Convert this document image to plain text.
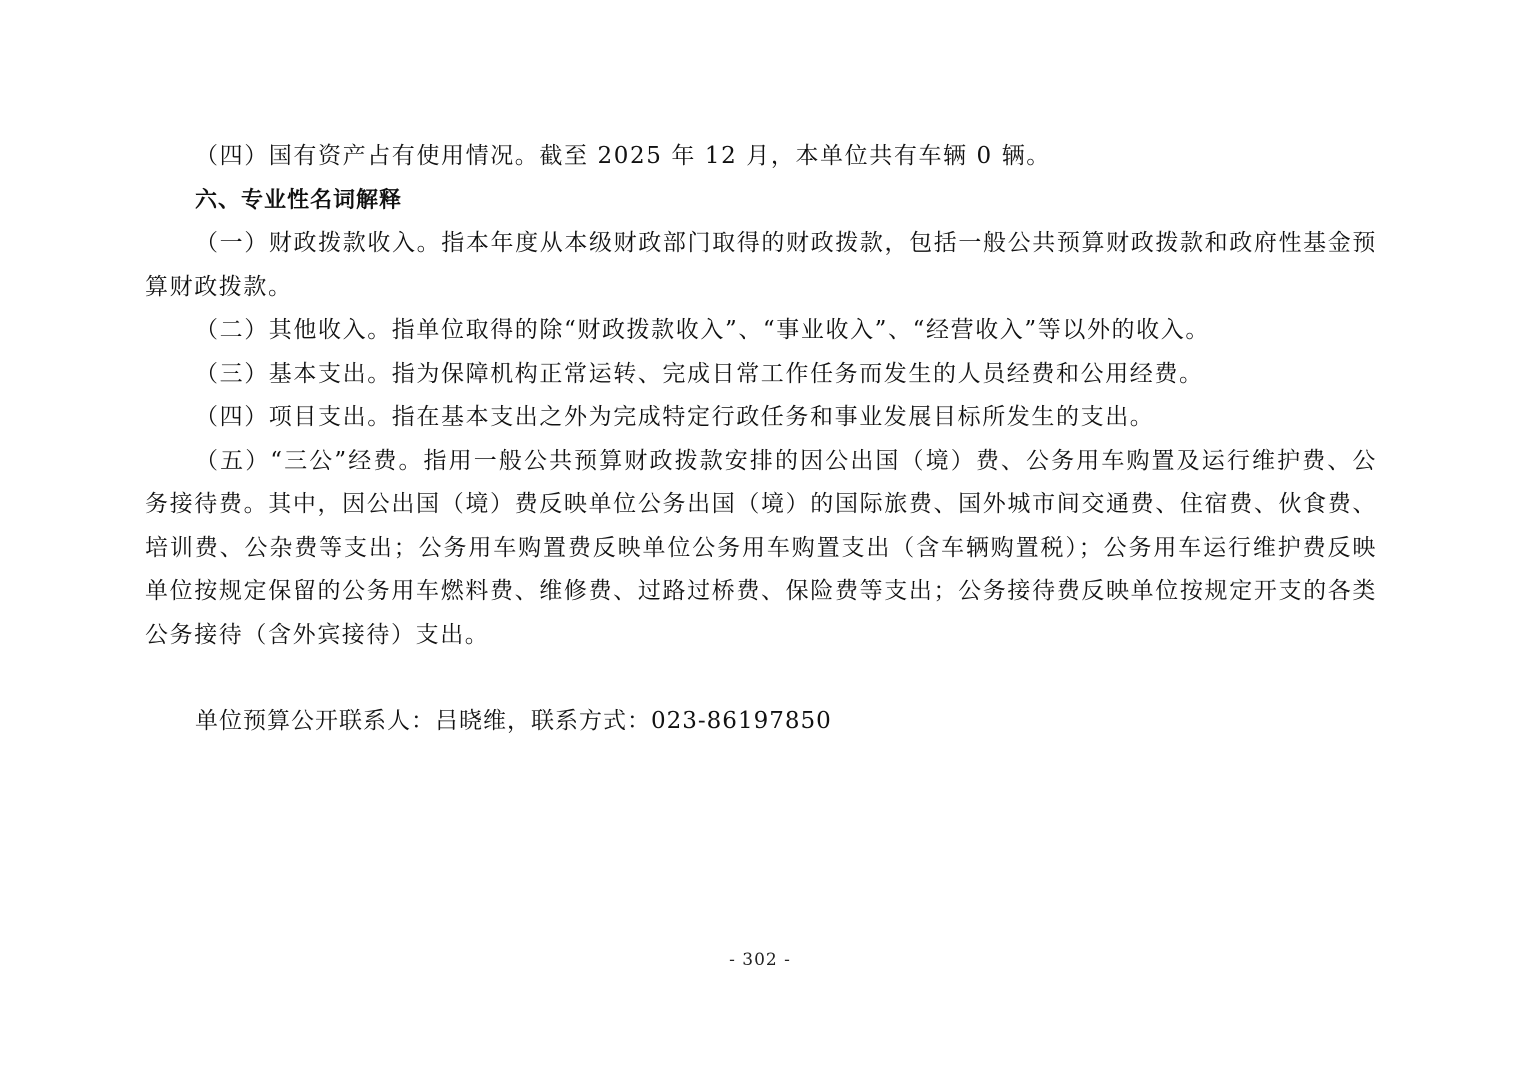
（四）国有资产占有使用情况。截至 2025 年 12 月，本单位共有车辆 0 辆。

六、专业性名词解释

（一）财政拨款收入。指本年度从本级财政部门取得的财政拨款，包括一般公共预算财政拨款和政府性基金预算财政拨款。

（二）其他收入。指单位取得的除“财政拨款收入”、“事业收入”、“经营收入”等以外的收入。

（三）基本支出。指为保障机构正常运转、完成日常工作任务而发生的人员经费和公用经费。

（四）项目支出。指在基本支出之外为完成特定行政任务和事业发展目标所发生的支出。

（五）“三公”经费。指用一般公共预算财政拨款安排的因公出国（境）费、公务用车购置及运行维护费、公务接待费。其中，因公出国（境）费反映单位公务出国（境）的国际旅费、国外城市间交通费、住宿费、伙食费、培训费、公杂费等支出；公务用车购置费反映单位公务用车购置支出（含车辆购置税）；公务用车运行维护费反映单位按规定保留的公务用车燃料费、维修费、过路过桥费、保险费等支出；公务接待费反映单位按规定开支的各类公务接待（含外宾接待）支出。

单位预算公开联系人：吕晓维，联系方式：023-86197850

- 302 -
